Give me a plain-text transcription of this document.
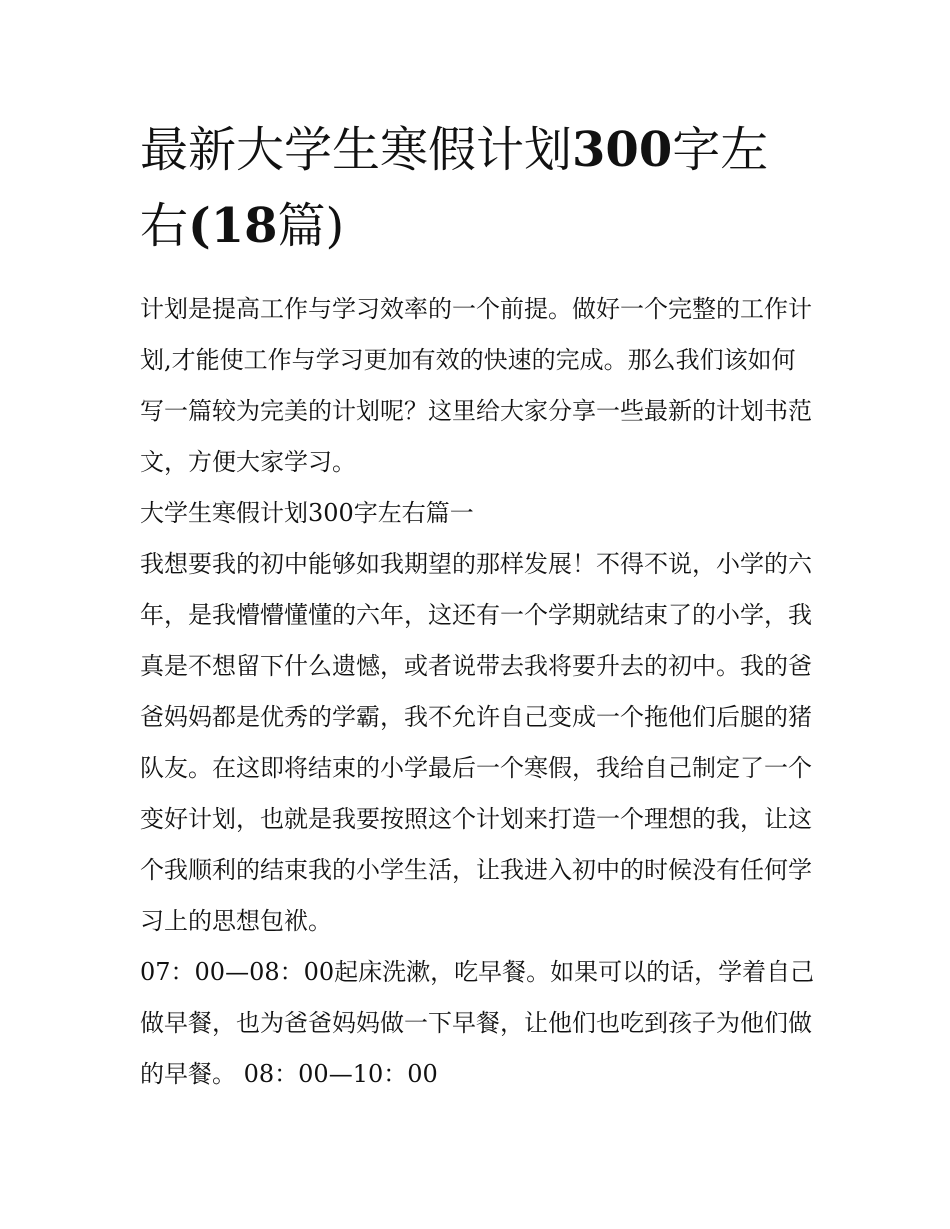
最新大学生寒假计划300字左右(18篇)

计划是提高工作与学习效率的一个前提。做好一个完整的工作计划,才能使工作与学习更加有效的快速的完成。那么我们该如何写一篇较为完美的计划呢？这里给大家分享一些最新的计划书范文，方便大家学习。

大学生寒假计划300字左右篇一

我想要我的初中能够如我期望的那样发展！不得不说，小学的六年，是我懵懵懂懂的六年，这还有一个学期就结束了的小学，我真是不想留下什么遗憾，或者说带去我将要升去的初中。我的爸爸妈妈都是优秀的学霸，我不允许自己变成一个拖他们后腿的猪队友。在这即将结束的小学最后一个寒假，我给自己制定了一个变好计划，也就是我要按照这个计划来打造一个理想的我，让这个我顺利的结束我的小学生活，让我进入初中的时候没有任何学习上的思想包袱。

07：00—08：00起床洗漱，吃早餐。如果可以的话，学着自己做早餐，也为爸爸妈妈做一下早餐，让他们也吃到孩子为他们做的早餐。 08：00—10：00
